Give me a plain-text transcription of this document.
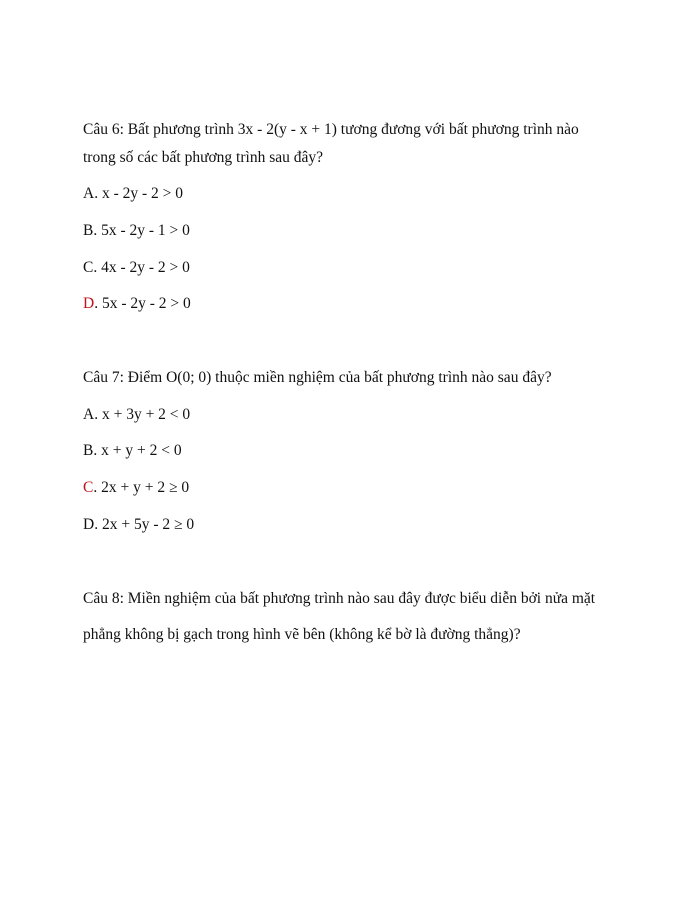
Câu 6: Bất phương trình 3x - 2(y - x + 1) tương đương với bất phương trình nào
trong số các bất phương trình sau đây?
A. x - 2y - 2 > 0
B. 5x - 2y - 1 > 0
C. 4x - 2y - 2 > 0
D. 5x - 2y - 2 > 0
Câu 7: Điểm O(0; 0) thuộc miền nghiệm của bất phương trình nào sau đây?
A. x + 3y + 2 < 0
B. x + y + 2 < 0
C. 2x + y + 2 ≥ 0
D. 2x + 5y - 2 ≥ 0
Câu 8: Miền nghiệm của bất phương trình nào sau đây được biểu diễn bởi nửa mặt
phẳng không bị gạch trong hình vẽ bên (không kể bờ là đường thẳng)?
